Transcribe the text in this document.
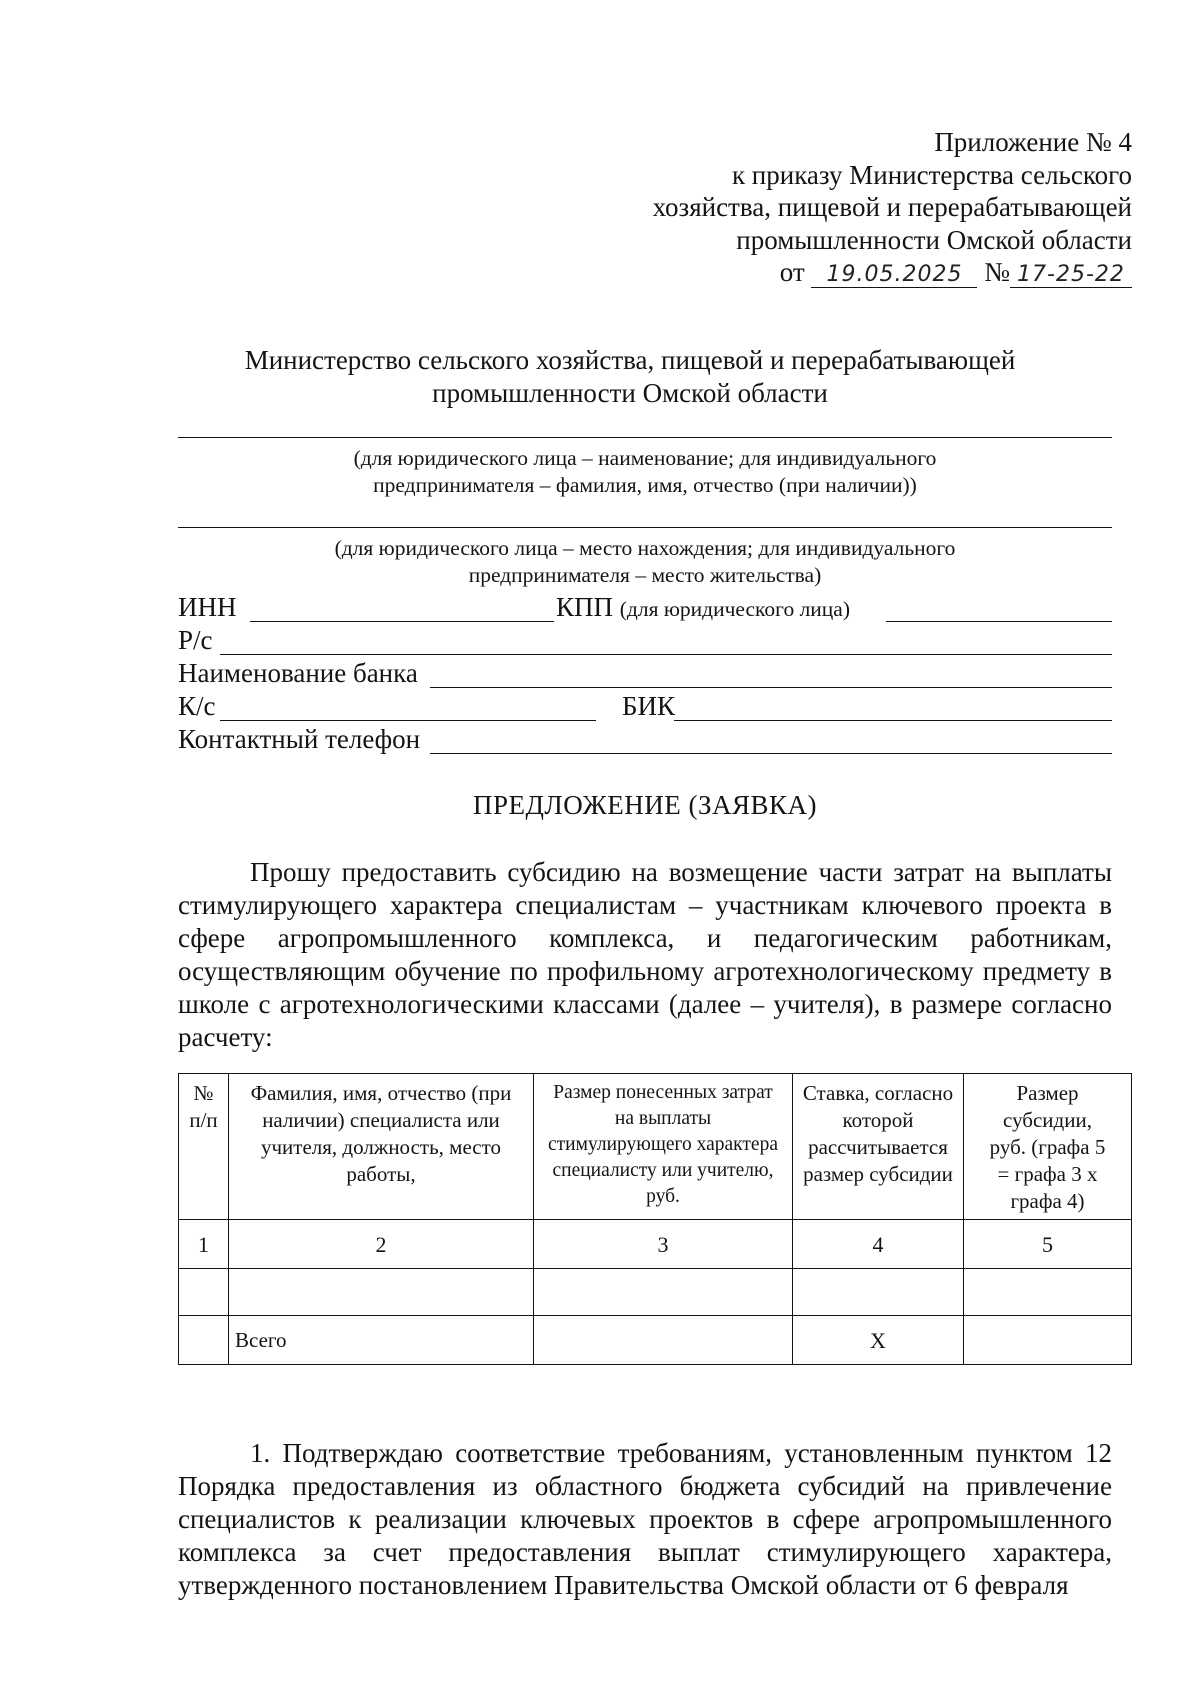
Приложение № 4
к приказу Министерства сельского
хозяйства, пищевой и перерабатывающей
промышленности Омской области
от 19.05.2025 № 17-25-22
Министерство сельского хозяйства, пищевой и перерабатывающей
промышленности Омской области
(для юридического лица – наименование; для индивидуального
предпринимателя – фамилия, имя, отчество (при наличии))
(для юридического лица – место нахождения; для индивидуального
предпринимателя – место жительства)
ИНН	КПП (для юридического лица)
Р/с
Наименование банка
К/с	БИК
Контактный телефон
ПРЕДЛОЖЕНИЕ (ЗАЯВКА)

Прошу предоставить субсидию на возмещение части затрат на выплаты стимулирующего характера специалистам – участникам ключевого проекта в сфере агропромышленного комплекса, и педагогическим работникам, осуществляющим обучение по профильному агротехнологическому предмету в школе с агротехнологическими классами (далее – учителя), в размере согласно расчету:

№ п/п	Фамилия, имя, отчество (при наличии) специалиста или учителя, должность, место работы,	Размер понесенных затрат на выплаты стимулирующего характера специалисту или учителю, руб.	Ставка, согласно которой рассчитывается размер субсидии	Размер субсидии, руб. (графа 5 = графа 3 х графа 4)
1	2	3	4	5

	Всего		X	

1. Подтверждаю соответствие требованиям, установленным пунктом 12 Порядка предоставления из областного бюджета субсидий на привлечение специалистов к реализации ключевых проектов в сфере агропромышленного комплекса за счет предоставления выплат стимулирующего характера, утвержденного постановлением Правительства Омской области от 6 февраля
